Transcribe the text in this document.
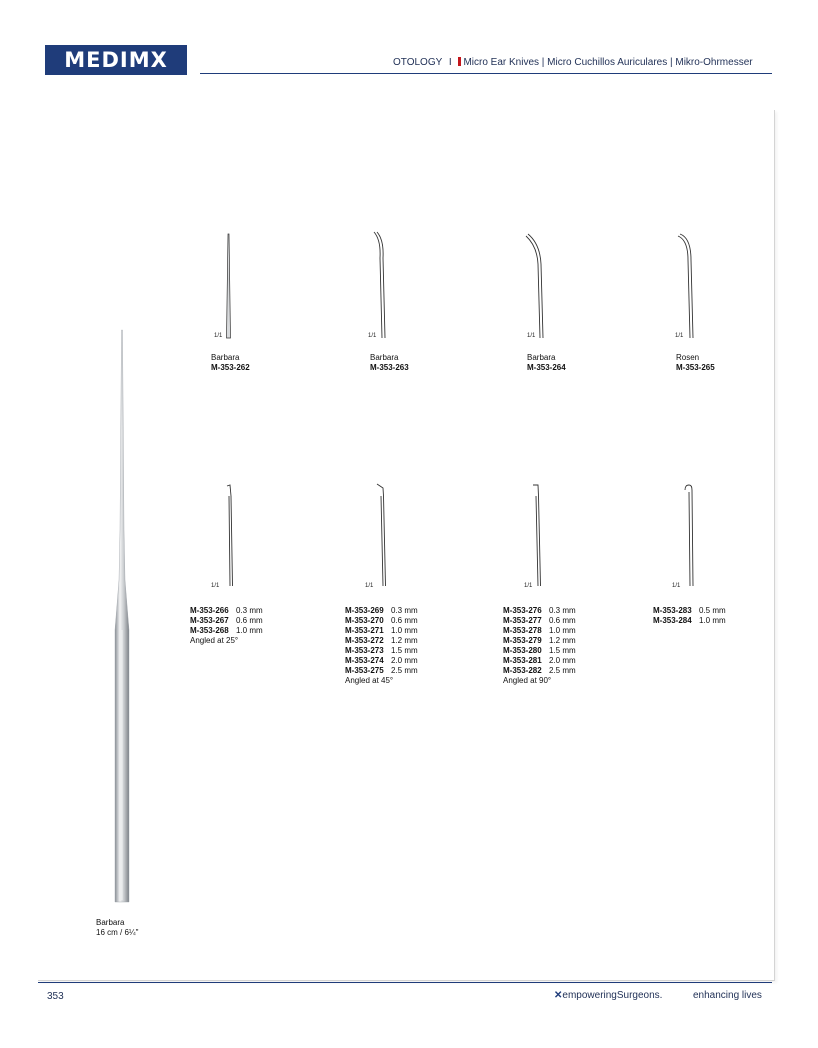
MEDIMX	OTOLOGY I Micro Ear Knives | Micro Cuchillos Auriculares | Mikro-Ohrmesser
Barbara
16 cm / 6¼"
1/1	1/1	1/1	1/1
Barbara
M-353-262
Barbara
M-353-263
Barbara
M-353-264
Rosen
M-353-265
1/1	1/1	1/1	1/1
M-353-266 0.3 mm
M-353-267 0.6 mm
M-353-268 1.0 mm
Angled at 25°
M-353-269 0.3 mm
M-353-270 0.6 mm
M-353-271 1.0 mm
M-353-272 1.2 mm
M-353-273 1.5 mm
M-353-274 2.0 mm
M-353-275 2.5 mm
Angled at 45°
M-353-276 0.3 mm
M-353-277 0.6 mm
M-353-278 1.0 mm
M-353-279 1.2 mm
M-353-280 1.5 mm
M-353-281 2.0 mm
M-353-282 2.5 mm
Angled at 90°
M-353-283 0.5 mm
M-353-284 1.0 mm
353	✕empoweringSurgeons.	enhancing lives
